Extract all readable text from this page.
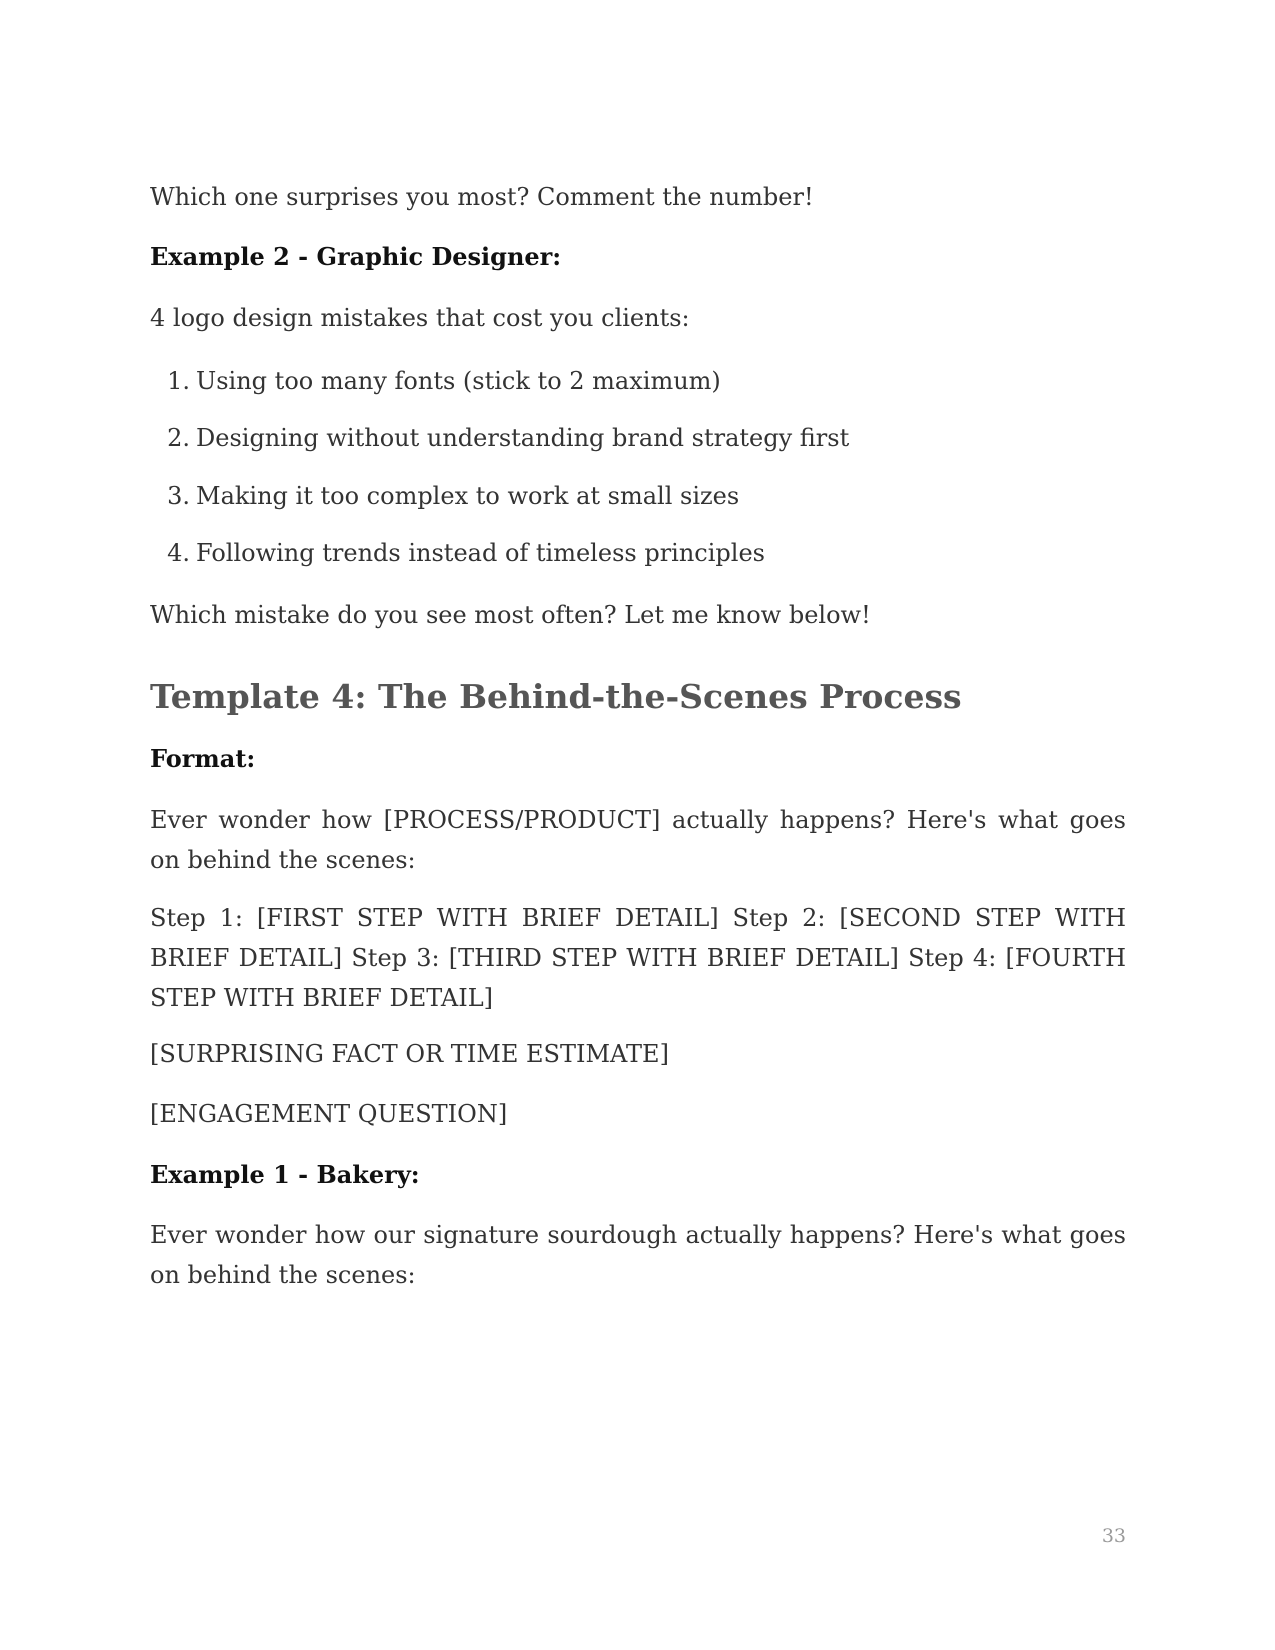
Which one surprises you most? Comment the number!

Example 2 - Graphic Designer:

4 logo design mistakes that cost you clients:

1. Using too many fonts (stick to 2 maximum)
2. Designing without understanding brand strategy first
3. Making it too complex to work at small sizes
4. Following trends instead of timeless principles

Which mistake do you see most often? Let me know below!

Template 4: The Behind-the-Scenes Process

Format:

Ever wonder how [PROCESS/PRODUCT] actually happens? Here's what goes on behind the scenes:

Step 1: [FIRST STEP WITH BRIEF DETAIL] Step 2: [SECOND STEP WITH BRIEF DETAIL] Step 3: [THIRD STEP WITH BRIEF DETAIL] Step 4: [FOURTH STEP WITH BRIEF DETAIL]

[SURPRISING FACT OR TIME ESTIMATE]

[ENGAGEMENT QUESTION]

Example 1 - Bakery:

Ever wonder how our signature sourdough actually happens? Here's what goes on behind the scenes:

33
